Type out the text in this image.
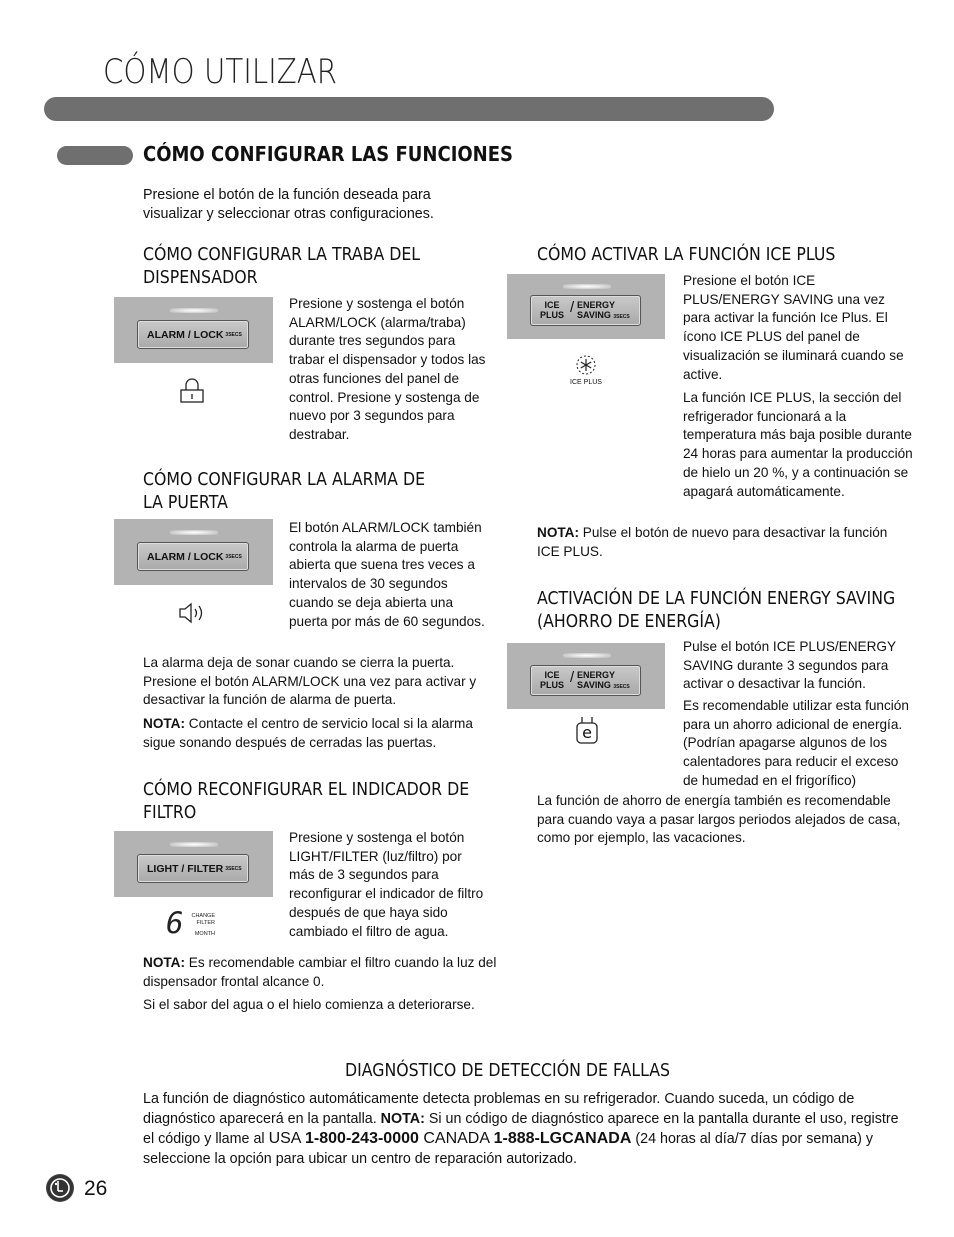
CÓMO UTILIZAR
CÓMO CONFIGURAR LAS FUNCIONES
Presione el botón de la función deseada para visualizar y seleccionar otras configuraciones.
CÓMO CONFIGURAR LA TRABA DEL DISPENSADOR
ALARM / LOCK 3SECS
Presione y sostenga el botón ALARM/LOCK (alarma/traba) durante tres segundos para trabar el dispensador y todos las otras funciones del panel de control. Presione y sostenga de nuevo por 3 segundos para destrabar.
CÓMO CONFIGURAR LA ALARMA DE LA PUERTA
ALARM / LOCK 3SECS
El botón ALARM/LOCK también controla la alarma de puerta abierta que suena tres veces a intervalos de 30 segundos cuando se deja abierta una puerta por más de 60 segundos.
La alarma deja de sonar cuando se cierra la puerta. Presione el botón ALARM/LOCK una vez para activar y desactivar la función de alarma de puerta.
NOTA: Contacte el centro de servicio local si la alarma sigue sonando después de cerradas las puertas.
CÓMO RECONFIGURAR EL INDICADOR DE FILTRO
LIGHT / FILTER 3SECS
6 CHANGE
FILTER
MONTH
Presione y sostenga el botón LIGHT/FILTER (luz/filtro) por más de 3 segundos para reconfigurar el indicador de filtro después de que haya sido cambiado el filtro de agua.
NOTA: Es recomendable cambiar el filtro cuando la luz del dispensador frontal alcance 0.
Si el sabor del agua o el hielo comienza a deteriorarse.
CÓMO ACTIVAR LA FUNCIÓN ICE PLUS
ICE
PLUS / ENERGY
SAVING 3SECS
ICE PLUS
Presione el botón ICE PLUS/ENERGY SAVING una vez para activar la función Ice Plus. El ícono ICE PLUS del panel de visualización se iluminará cuando se active.
La función ICE PLUS, la sección del refrigerador funcionará a la temperatura más baja posible durante 24 horas para aumentar la producción de hielo un 20 %, y a continuación se apagará automáticamente.
NOTA: Pulse el botón de nuevo para desactivar la función ICE PLUS.
ACTIVACIÓN DE LA FUNCIÓN ENERGY SAVING (AHORRO DE ENERGÍA)
ICE
PLUS / ENERGY
SAVING 3SECS
e
Pulse el botón ICE PLUS/ENERGY SAVING durante 3 segundos para activar o desactivar la función.
Es recomendable utilizar esta función para un ahorro adicional de energía. (Podrían apagarse algunos de los calentadores para reducir el exceso de humedad en el frigorífico)
La función de ahorro de energía también es recomendable para cuando vaya a pasar largos periodos alejados de casa, como por ejemplo, las vacaciones.
DIAGNÓSTICO DE DETECCIÓN DE FALLAS
La función de diagnóstico automáticamente detecta problemas en su refrigerador. Cuando suceda, un código de diagnóstico aparecerá en la pantalla. NOTA: Si un código de diagnóstico aparece en la pantalla durante el uso, registre el código y llame al USA 1-800-243-0000 CANADA 1-888-LGCANADA (24 horas al día/7 días por semana) y seleccione la opción para ubicar un centro de reparación autorizado.
26
